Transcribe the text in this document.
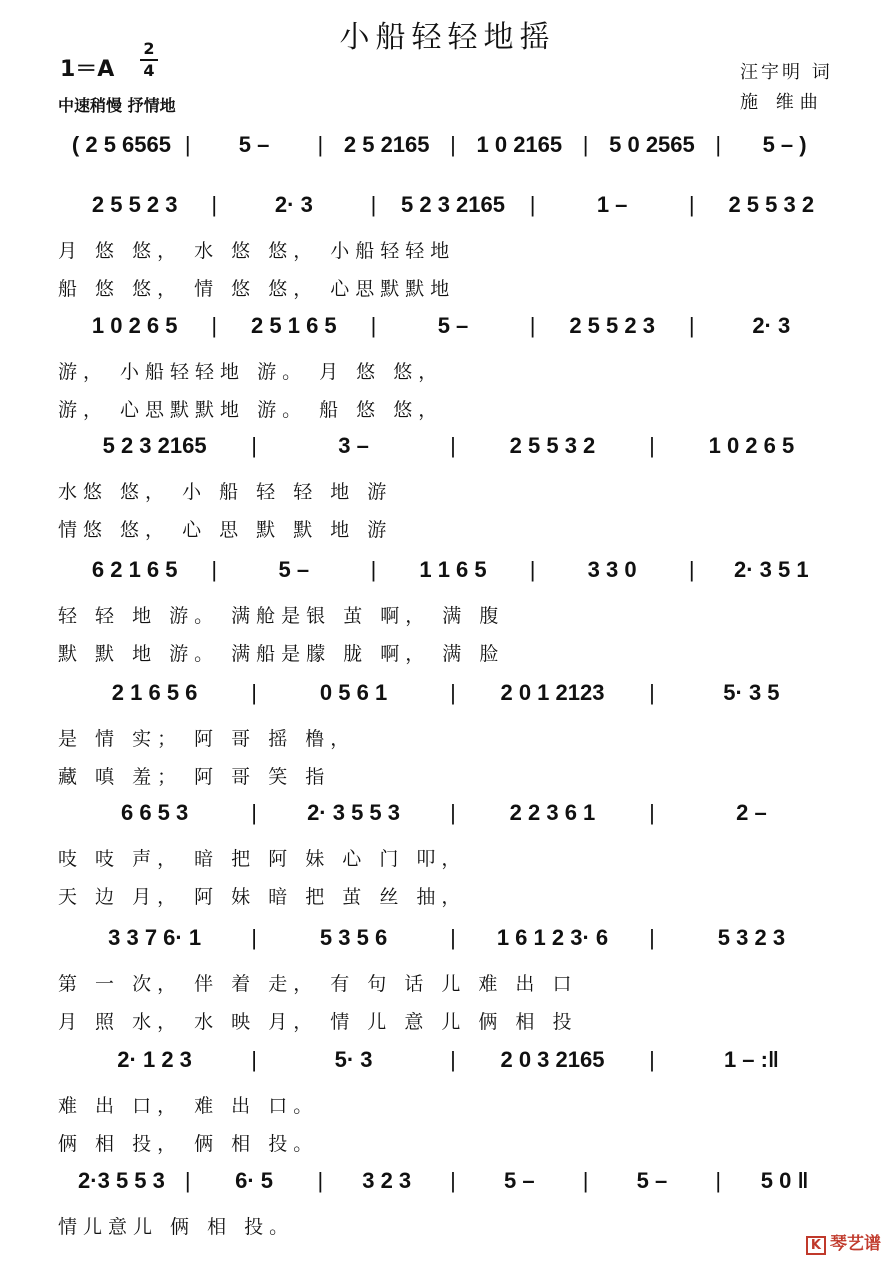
小船轻轻地摇
1＝A
2
4
中速稍慢 抒情地
汪宇明 词
施 维曲
( 2 5 6565 |	5 –	| 2 5 2165 | 1 0 2165 | 5 0 2565 |	5 – )
2 5 5 2 3	|	2· 3	|	5 2 3 2165	|	1 –	|	2 5 5 3 2
月 悠 悠， 水 悠 悠， 小船轻轻地
船 悠 悠， 情 悠 悠， 心思默默地
1 0 2 6 5	|	2 5 1 6 5	|	5 –	|	2 5 5 2 3	|	2· 3
游， 小船轻轻地 游。 月 悠 悠，
游， 心思默默地 游。 船 悠 悠，
5 2 3 2165	|	3 –	|	2 5 5 3 2	|	1 0 2 6 5
水悠 悠， 小 船 轻 轻 地 游
情悠 悠， 心 思 默 默 地 游
6 2 1 6 5	|	5 –	|	1 1 6 5	|	3 3 0	|	2· 3 5 1
轻 轻 地 游。 满舱是银 茧 啊， 满 腹
默 默 地 游。 满船是朦 胧 啊， 满 脸
2 1 6 5 6	|	0 5 6 1	|	2 0 1 2123	|	5· 3 5
是 情 实； 阿 哥 摇 橹，
藏 嗔 羞； 阿 哥 笑 指
6 6 5 3	|	2· 3 5 5 3	|	2 2 3 6 1	|	2 –
吱 吱 声， 暗 把 阿 妹 心 门 叩，
天 边 月， 阿 妹 暗 把 茧 丝 抽，
3 3 7 6· 1	|	5 3 5 6	|	1 6 1 2 3· 6	|	5 3 2 3
第 一 次， 伴 着 走， 有 句 话 儿 难 出 口
月 照 水， 水 映 月， 情 儿 意 儿 俩 相 投
2· 1 2 3	|	5· 3	|	2 0 3 2165	|	1 – :‖
难 出 口， 难 出 口。
俩 相 投， 俩 相 投。
2·3 5 5 3 |	6· 5	|	3 2 3	|	5 –	|	5 –	|	5 0 ‖
情儿意儿 俩 相 投。
K 琴艺谱
